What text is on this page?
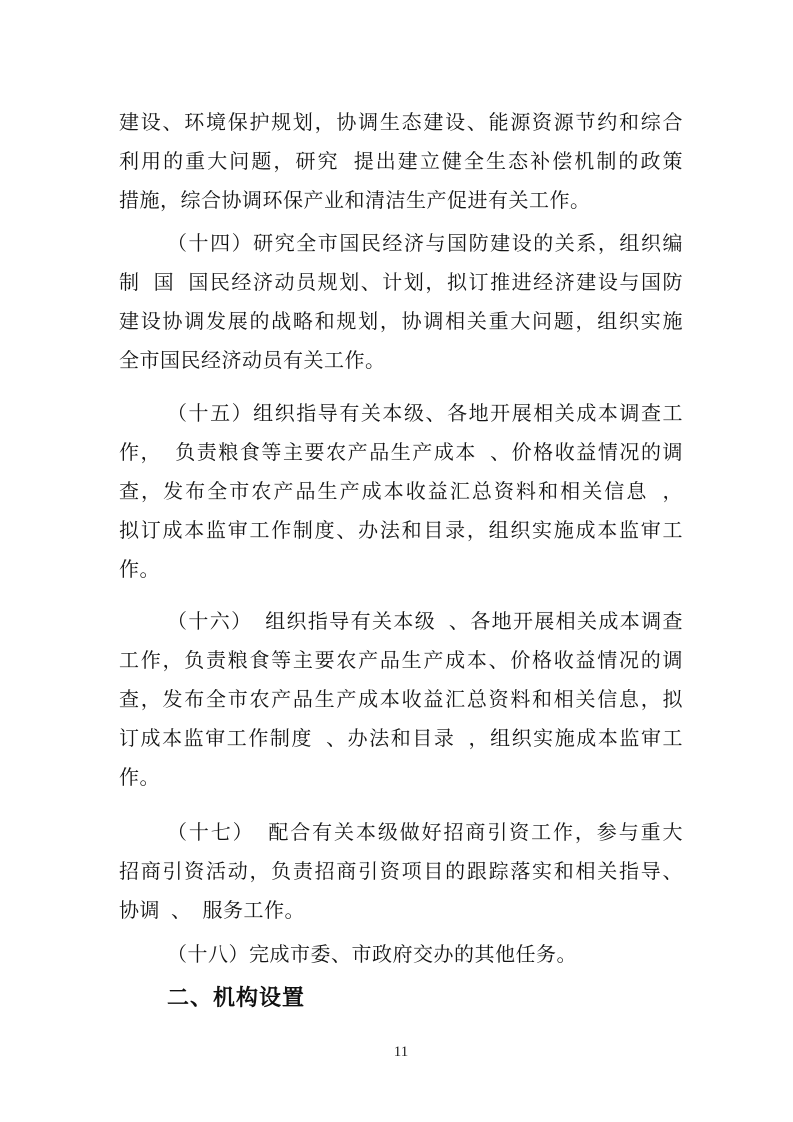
建设、环境保护规划，协调生态建设、能源资源节约和综合
利用的重大问题，研究  提出建立健全生态补偿机制的政策
措施，综合协调环保产业和清洁生产促进有关工作。
（十四）研究全市国民经济与国防建设的关系，组织编
制  国  国民经济动员规划、计划，拟订推进经济建设与国防
建设协调发展的战略和规划，协调相关重大问题，组织实施
全市国民经济动员有关工作。
（十五）组织指导有关本级、各地开展相关成本调查工
作，  负责粮食等主要农产品生产成本  、价格收益情况的调
查，发布全市农产品生产成本收益汇总资料和相关信息  ，
拟订成本监审工作制度、办法和目录，组织实施成本监审工
作。
（十六）  组织指导有关本级  、各地开展相关成本调查
工作，负责粮食等主要农产品生产成本、价格收益情况的调
查，发布全市农产品生产成本收益汇总资料和相关信息，拟
订成本监审工作制度  、办法和目录  ，组织实施成本监审工
作。
（十七）  配合有关本级做好招商引资工作，参与重大
招商引资活动，负责招商引资项目的跟踪落实和相关指导、
协调  、  服务工作。
（十八）完成市委、市政府交办的其他任务。
二、机构设置
11
